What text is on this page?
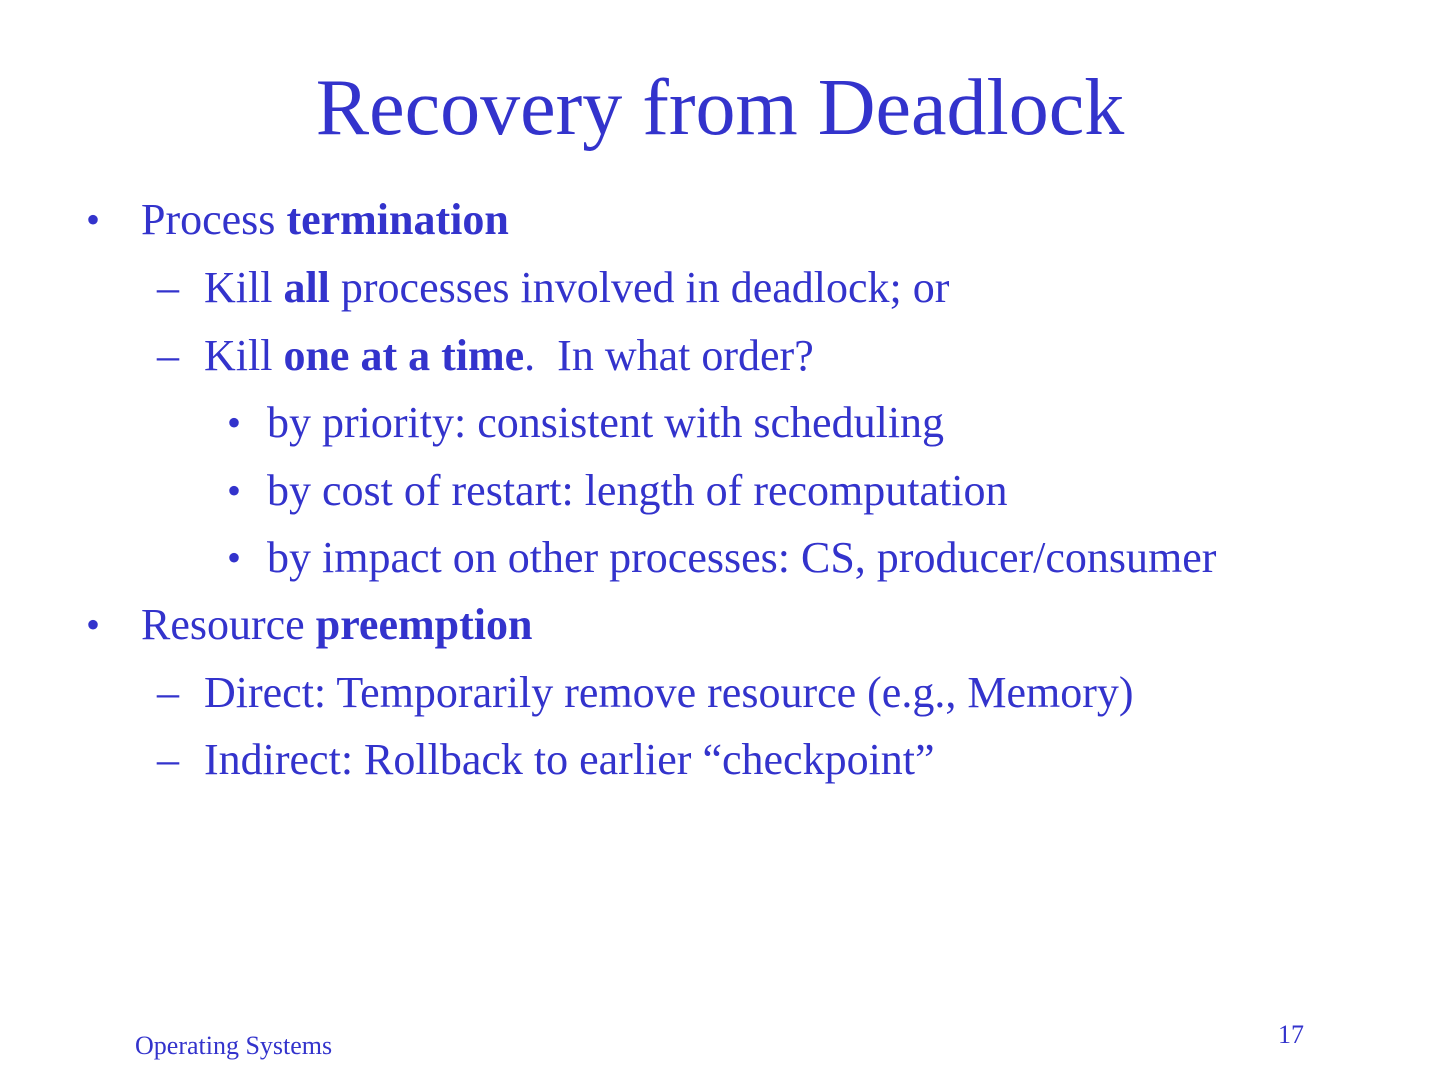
Recovery from Deadlock
• Process termination
– Kill all processes involved in deadlock; or
– Kill one at a time.  In what order?
• by priority: consistent with scheduling
• by cost of restart: length of recomputation
• by impact on other processes: CS, producer/consumer
• Resource preemption
– Direct: Temporarily remove resource (e.g., Memory)
– Indirect: Rollback to earlier “checkpoint”
Operating Systems	17
